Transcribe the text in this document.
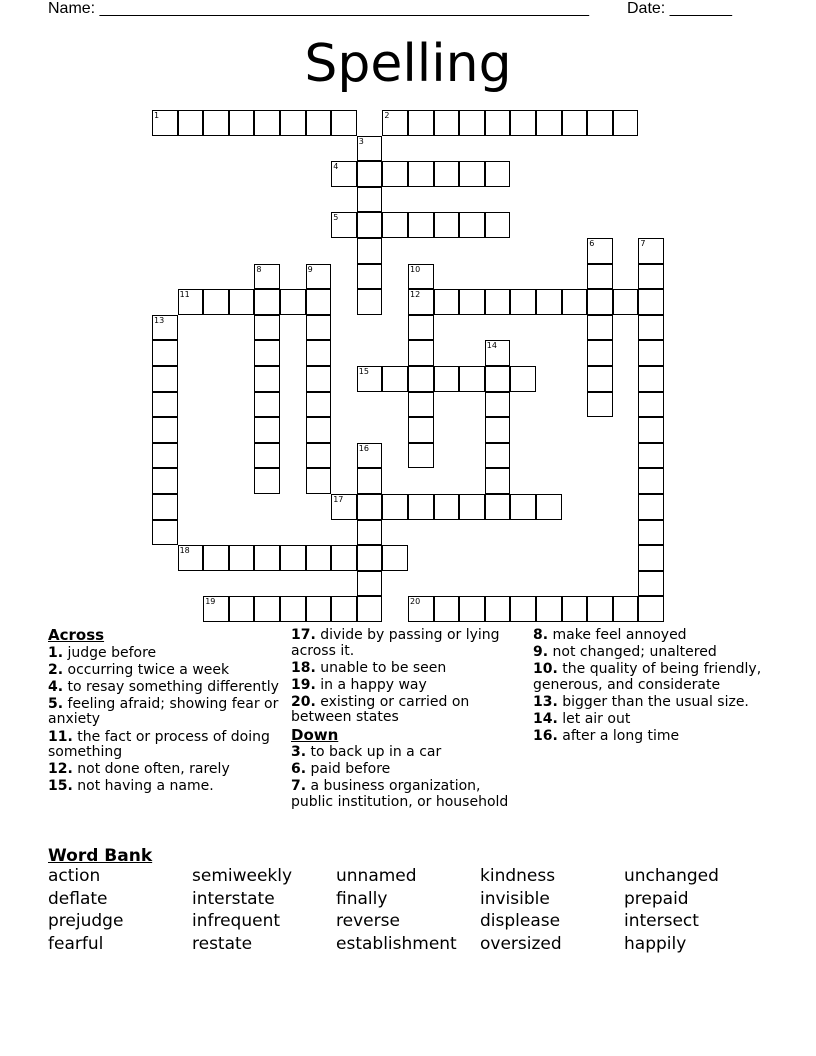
Name: _______________________________________________________ Date: _______
Spelling
1	2
3
4
5
6	7
8	9	10
12
11
13
14
15
16
17
18
19	20
Across
1. judge before
2. occurring twice a week
4. to resay something differently
5. feeling afraid; showing fear or anxiety
11. the fact or process of doing something
12. not done often, rarely
15. not having a name.
17. divide by passing or lying across it.
18. unable to be seen
19. in a happy way
20. existing or carried on between states
Down
3. to back up in a car
6. paid before
7. a business organization, public institution, or household
8. make feel annoyed
9. not changed; unaltered
10. the quality of being friendly, generous, and considerate
13. bigger than the usual size.
14. let air out
16. after a long time
Word Bank
action	semiweekly	unnamed	kindness	unchanged
deflate	interstate	finally	invisible	prepaid
prejudge	infrequent	reverse	displease	intersect
fearful	restate	establishment oversized	happily
